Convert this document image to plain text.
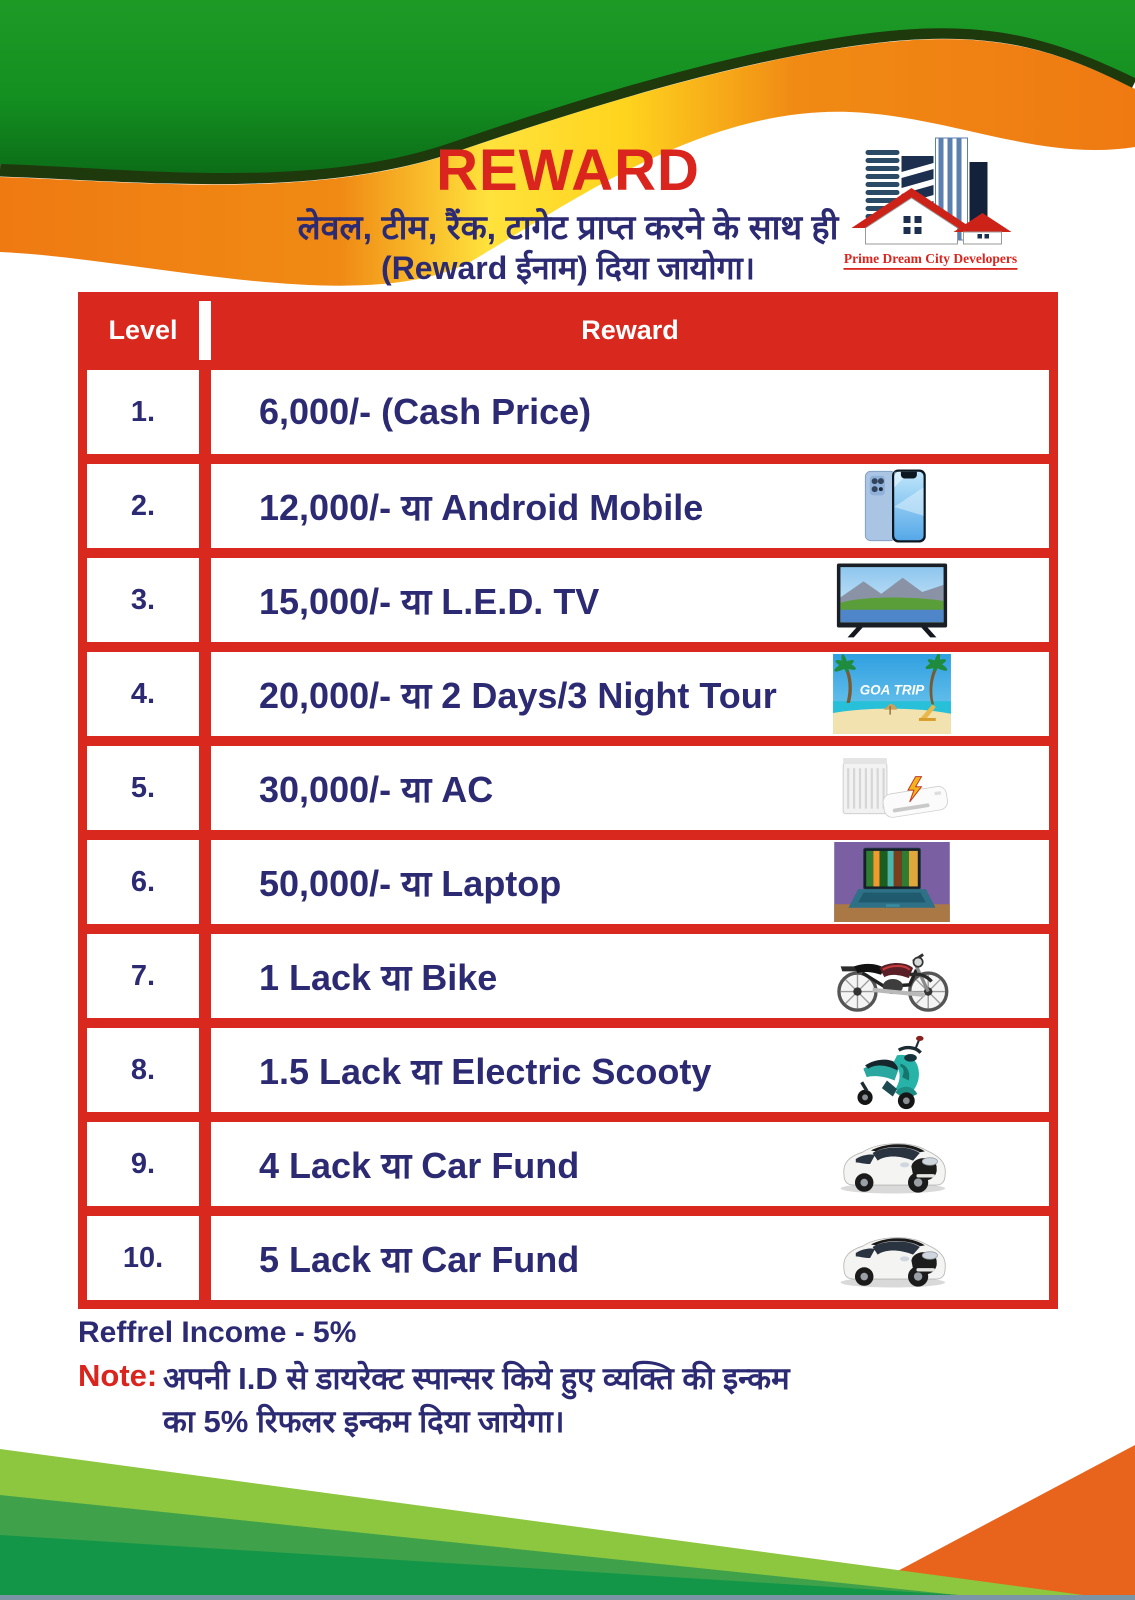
REWARD
लेवल, टीम, रैंक, टागेट प्राप्त करने के साथ ही
(Reward ईनाम) दिया जायोगा।	Prime Dream City Developers
Level	Reward
1.	6,000/- (Cash Price)
2.	12,000/- या Android Mobile
3.	15,000/- या L.E.D. TV
4.	20,000/- या 2 Days/3 Night Tour
5.	30,000/- या AC
6.	50,000/- या Laptop
7.	1 Lack या Bike
8.	1.5 Lack या Electric Scooty
9.	4 Lack या Car Fund
10.	5 Lack या Car Fund
Reffrel Income - 5%
Note: अपनी I.D से डायरेक्ट स्पान्सर किये हुए व्यक्ति की इन्कम
का 5% रिफलर इन्कम दिया जायेगा।
